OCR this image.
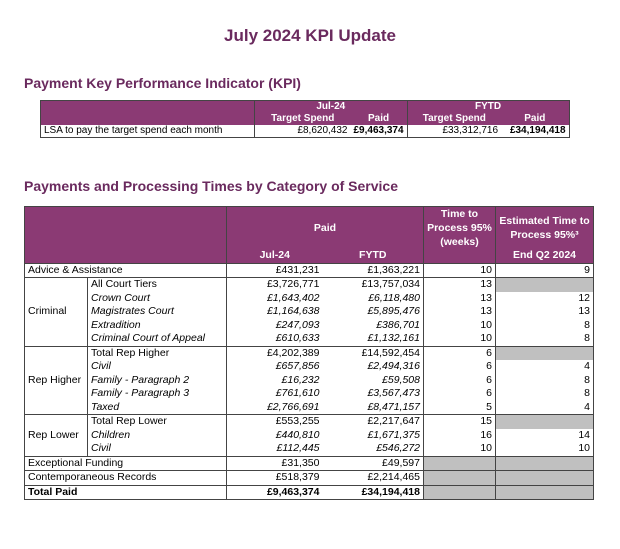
July 2024 KPI Update
Payment Key Performance Indicator (KPI)
	Jul-24		FYTD	
	Target Spend	Paid	Target Spend	Paid
LSA to pay the target spend each month	£8,620,432	£9,463,374	£33,312,716	£34,194,418
Payments and Processing Times by Category of Service
		Paid		Time to Process 95% (weeks)	Estimated Time to Process 95%³
		Jul-24	FYTD		End Q2 2024
Advice & Assistance		£431,231	£1,363,221	10	9
Criminal	All Court Tiers	£3,726,771	£13,757,034	13	
	Crown Court	£1,643,402	£6,118,480	13	12
	Magistrates Court	£1,164,638	£5,895,476	13	13
	Extradition	£247,093	£386,701	10	8
	Criminal Court of Appeal	£610,633	£1,132,161	10	8
Rep Higher	Total Rep Higher	£4,202,389	£14,592,454	6	
	Civil	£657,856	£2,494,316	6	4
	Family - Paragraph 2	£16,232	£59,508	6	8
	Family - Paragraph 3	£761,610	£3,567,473	6	8
	Taxed	£2,766,691	£8,471,157	5	4
Rep Lower	Total Rep Lower	£553,255	£2,217,647	15	
	Children	£440,810	£1,671,375	16	14
	Civil	£112,445	£546,272	10	10
Exceptional Funding		£31,350	£49,597		
Contemporaneous Records		£518,379	£2,214,465		
Total Paid		£9,463,374	£34,194,418		
